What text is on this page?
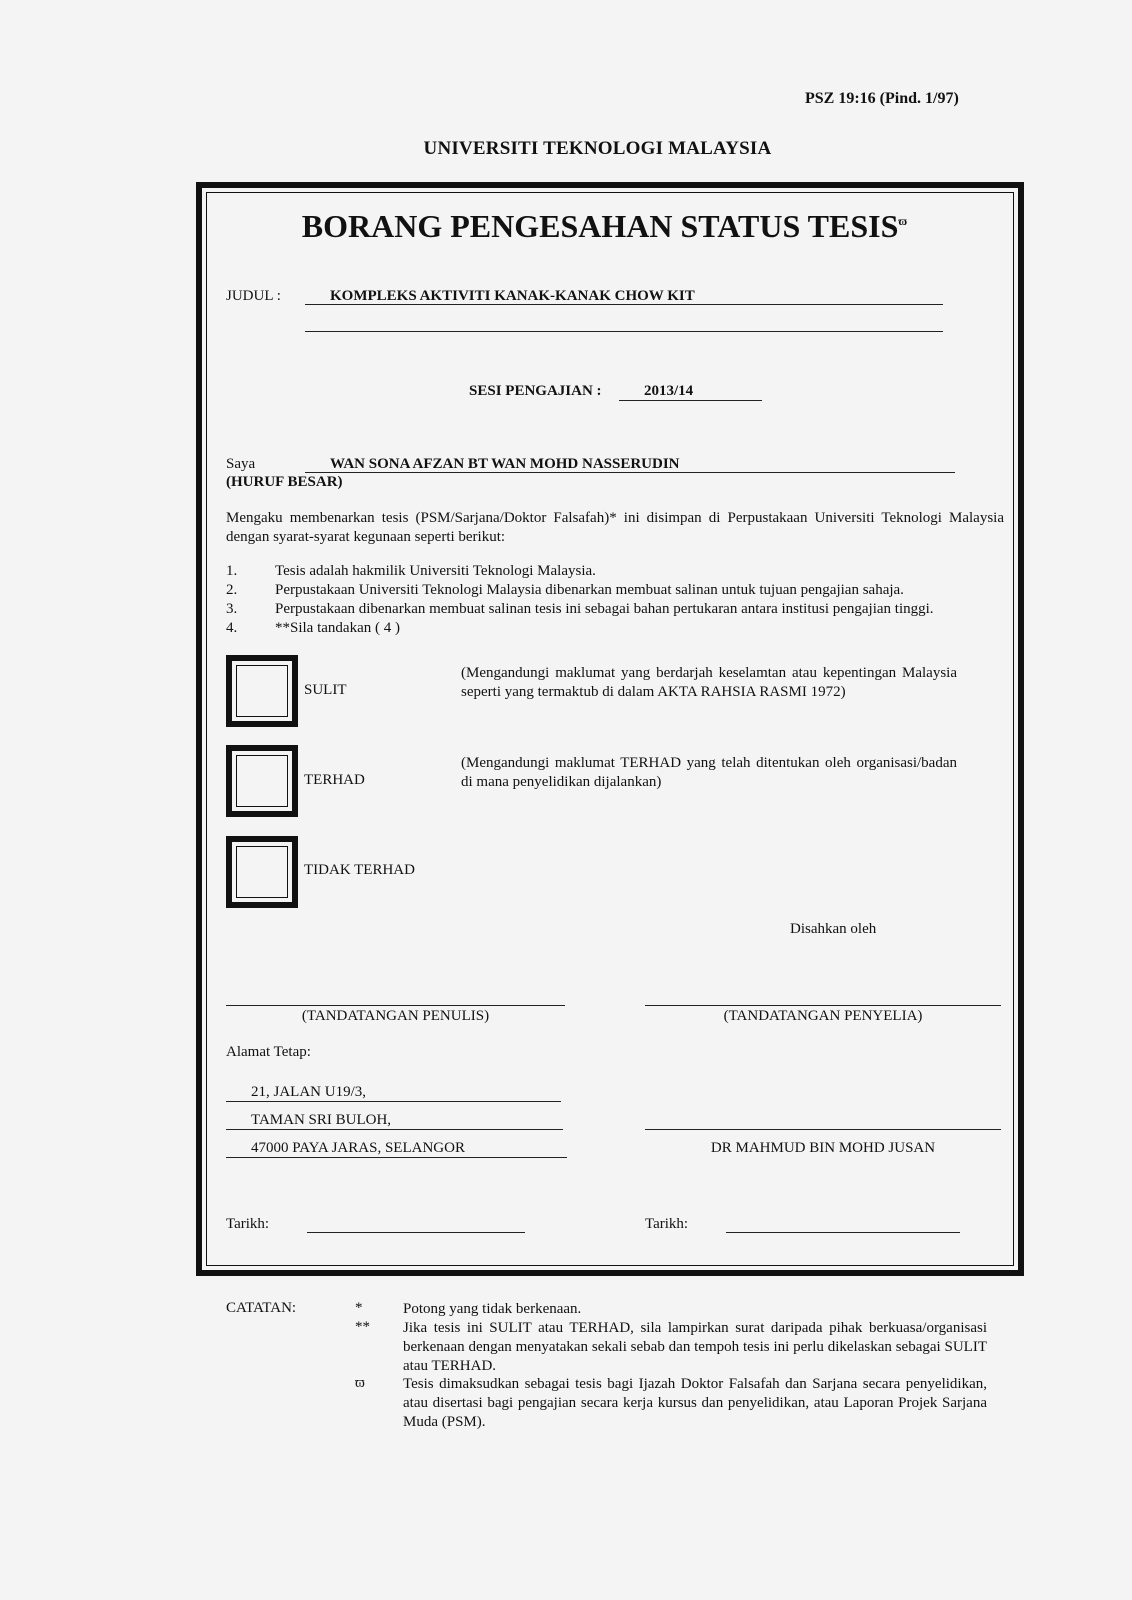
PSZ 19:16 (Pind. 1/97)
UNIVERSITI TEKNOLOGI MALAYSIA
BORANG PENGESAHAN STATUS $TESIS^ϖ$
JUDUL :	KOMPLEKS AKTIVITI KANAK-KANAK CHOW KIT
SESI PENGAJIAN :	2013/14
Saya	WAN SONA AFZAN BT WAN MOHD NASSERUDIN
(HURUF BESAR)
Mengaku membenarkan tesis (PSM/Sarjana/Doktor Falsafah)* ini disimpan di Perpustakaan Universiti Teknologi Malaysia dengan syarat-syarat kegunaan seperti berikut:
1.	Tesis adalah hakmilik Universiti Teknologi Malaysia.
2.	Perpustakaan Universiti Teknologi Malaysia dibenarkan membuat salinan untuk tujuan pengajian sahaja.
3.	Perpustakaan dibenarkan membuat salinan tesis ini sebagai bahan pertukaran antara institusi pengajian tinggi.
4.	**Sila tandakan ( 4 )
SULIT
(Mengandungi maklumat yang berdarjah keselamtan atau kepentingan Malaysia seperti yang termaktub di dalam AKTA RAHSIA RASMI 1972)
TERHAD
(Mengandungi maklumat TERHAD yang telah ditentukan oleh organisasi/badan di mana penyelidikan dijalankan)
TIDAK TERHAD
Disahkan oleh
(TANDATANGAN PENULIS)	(TANDATANGAN PENYELIA)
Alamat Tetap:
21, JALAN U19/3,
TAMAN SRI BULOH,
47000 PAYA JARAS, SELANGOR	DR MAHMUD BIN MOHD JUSAN
Tarikh:	Tarikh:
CATATAN:	*	Potong yang tidak berkenaan.
** Jika tesis ini SULIT atau TERHAD, sila lampirkan surat daripada pihak berkuasa/organisasi berkenaan dengan menyatakan sekali sebab dan tempoh tesis ini perlu dikelaskan sebagai SULIT atau TERHAD.
ϖ	Tesis dimaksudkan sebagai tesis bagi Ijazah Doktor Falsafah dan Sarjana secara penyelidikan, atau disertasi bagi pengajian secara kerja kursus dan penyelidikan, atau Laporan Projek Sarjana Muda (PSM).
